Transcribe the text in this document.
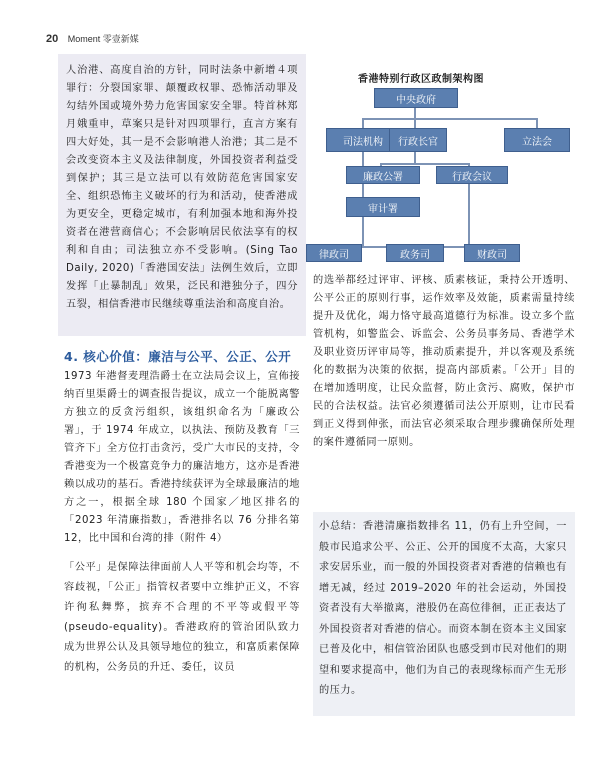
20 Moment 零壹新媒

人治港、高度自治的方针，同时法条中新增４项罪行：分裂国家罪、颠覆政权罪、恐怖活动罪及勾结外国或境外势力危害国家安全罪。特首林郑月娥重申，草案只是针对四项罪行，直言方案有四大好处，其一是不会影响港人治港；其二是不会改变资本主义及法律制度，外国投资者利益受到保护；其三是立法可以有效防范危害国家安全、组织恐怖主义破坏的行为和活动，使香港成为更安全，更稳定城市，有利加强本地和海外投资者在港营商信心；不会影响居民依法享有的权利和自由；司法独立亦不受影响。(Sing Tao Daily, 2020)「香港国安法」法例生效后，立即发挥「止暴制乱」效果，泛民和港独分子，四分五裂，相信香港市民继续尊重法治和高度自治。

4. 核心价值：廉洁与公平、公正、公开

1973 年港督麦理浩爵士在立法局会议上，宣佈接纳百里渠爵士的调查报告提议，成立一个能脱离警方独立的反贪污组织，该组织命名为「廉政公署」，于 1974 年成立，以执法、预防及教育「三管齐下」全方位打击贪污，受广大市民的支持，令香港变为一个极富竞争力的廉洁地方，这亦是香港赖以成功的基石。香港持续获评为全球最廉洁的地方之一，根据全球 180 个国家／地区排名的「2023 年清廉指数」，香港排名以 76 分排名第 12，比中国和台湾的排（附件 4）

「公平」是保障法律面前人人平等和机会均等，不容歧视，「公正」指管权者要中立维护正义，不容许徇私舞弊，摈弃不合理的不平等或假平等 (pseudo-equality)。香港政府的管治团队致力成为世界公认及具领导地位的独立，和富质素保障的机构，公务员的升迁、委任，议员

香港特别行政区政制架构图
中央政府
司法机构	行政长官	立法会
廉政公署	行政会议
审计署
律政司	政务司	财政司

的选举都经过评审、评核、质素核证，秉持公开透明、公平公正的原则行事，运作效率及效能，质素需量持续提升及优化，竭力恪守最高道德行为标准。设立多个监管机构，如警监会、诉监会、公务员事务局、香港学术及职业资历评审局等，推动质素提升，并以客观及系统化的数据为决策的依据，提高内部质素。「公开」目的在增加透明度，让民众监督，防止贪污、腐败，保护市民的合法权益。法官必须遵循司法公开原则，让市民看到正义得到伸张，而法官必须采取合理步骤确保所处理的案件遵循同一原则。

小总结：香港清廉指数排名 11，仍有上升空间，一般市民追求公平、公正、公开的国度不太高，大家只求安居乐业，而一般的外国投资者对香港的信赖也有增无减，经过 2019–2020 年的社会运动，外国投资者没有大举撤离，港股仍在高位徘徊，正正表达了外国投资者对香港的信心。而资本制在资本主义国家已普及化中，相信管治团队也感受到市民对他们的期望和要求提高中，他们为自己的表现缘标而产生无形的压力。
